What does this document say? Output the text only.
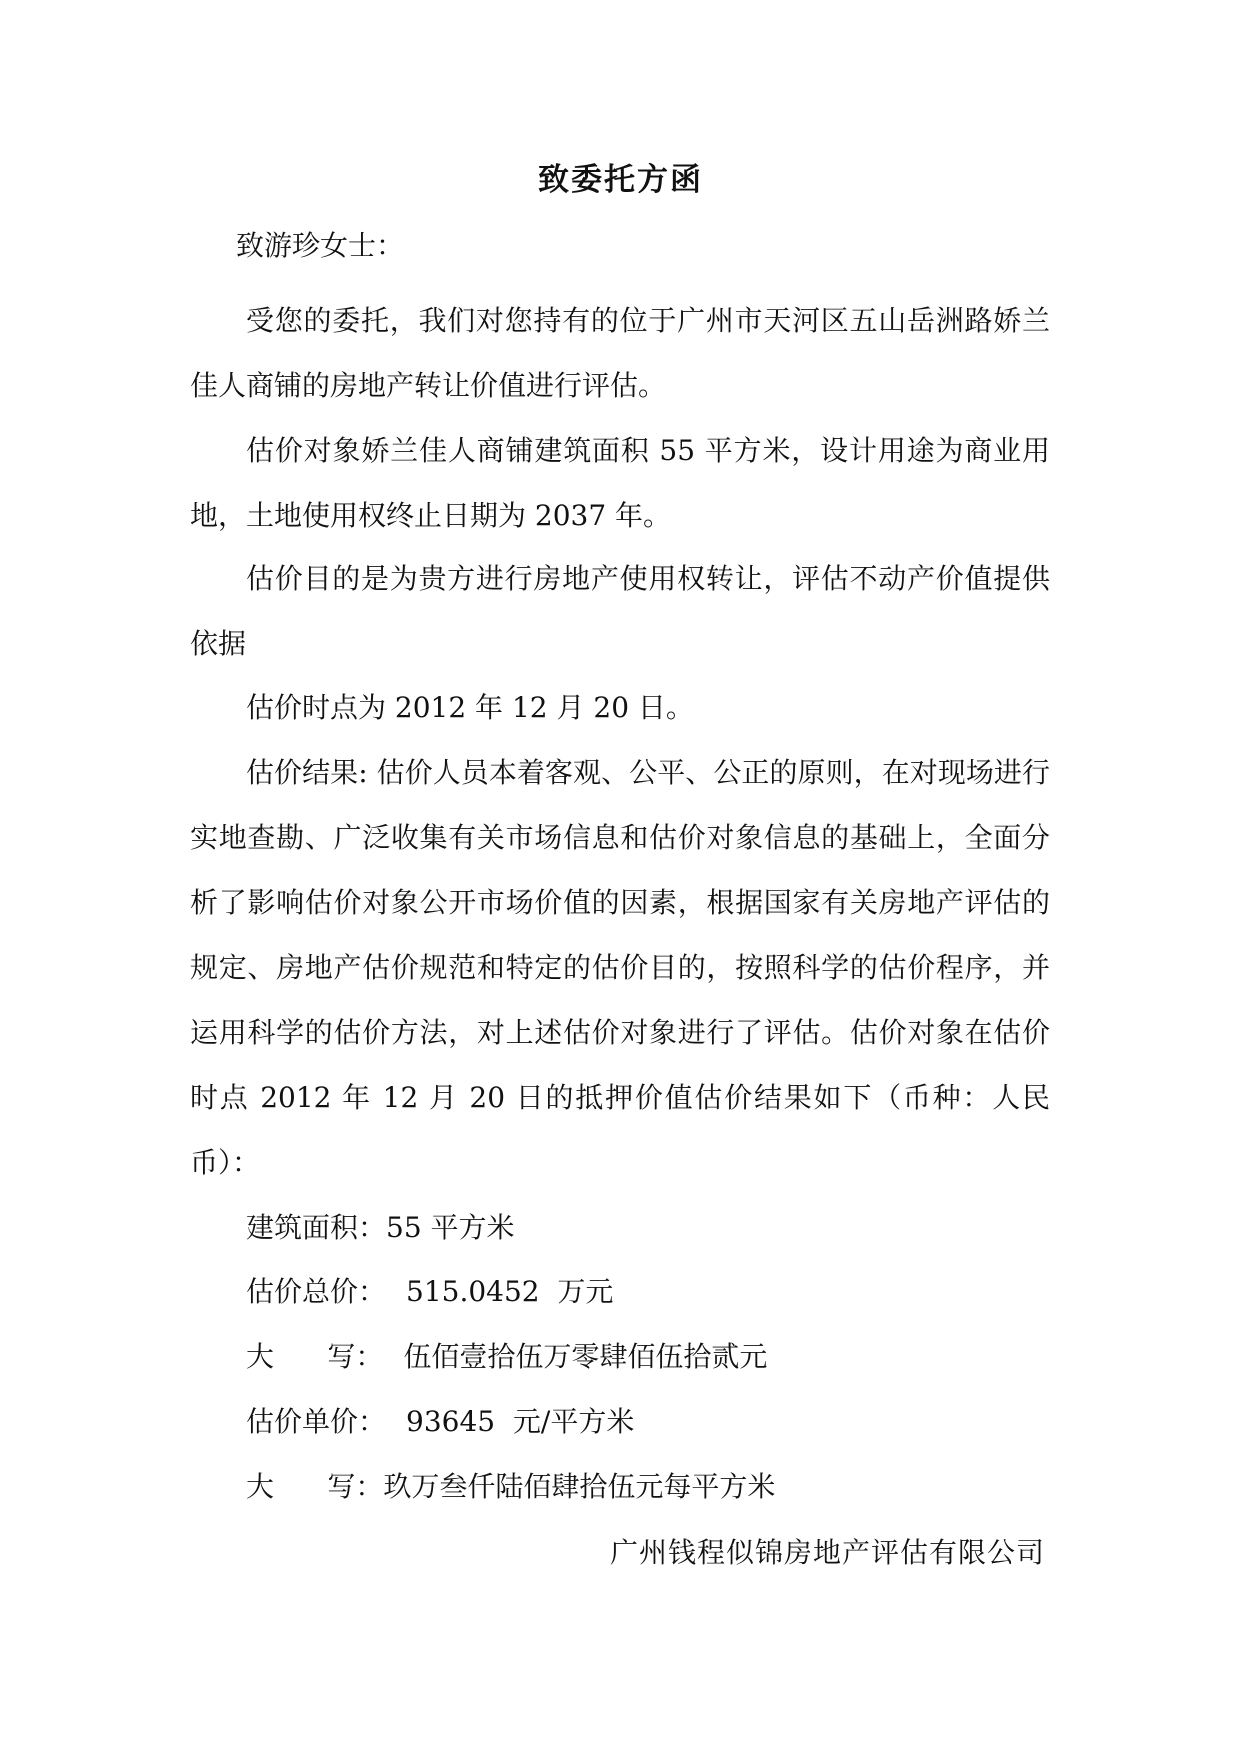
致委托方函
致游珍女士：

受您的委托，我们对您持有的位于广州市天河区五山岳洲路娇兰佳人商铺的房地产转让价值进行评估。

估价对象娇兰佳人商铺建筑面积 55 平方米，设计用途为商业用地，土地使用权终止日期为 2037 年。

估价目的是为贵方进行房地产使用权转让，评估不动产价值提供依据

估价时点为 2012 年 12 月 20 日。

估价结果: 估价人员本着客观、公平、公正的原则，在对现场进行实地查勘、广泛收集有关市场信息和估价对象信息的基础上，全面分析了影响估价对象公开市场价值的因素，根据国家有关房地产评估的规定、房地产估价规范和特定的估价目的，按照科学的估价程序，并运用科学的估价方法，对上述估价对象进行了评估。估价对象在估价时点 2012 年 12 月 20 日的抵押价值估价结果如下（币种：人民币）：

建筑面积：55 平方米
估价总价： 515.0452  万元
大      写： 伍佰壹拾伍万零肆佰伍拾贰元
估价单价： 93645  元/平方米
大      写：玖万叁仟陆佰肆拾伍元每平方米
广州钱程似锦房地产评估有限公司
